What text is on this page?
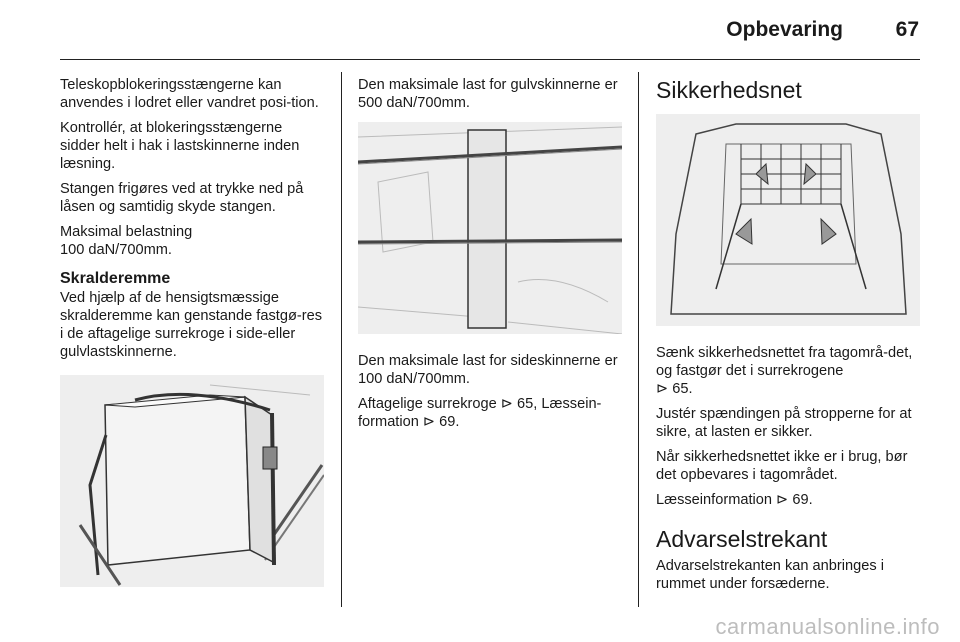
Opbevaring	67

Teleskopblokeringsstængerne kan anvendes i lodret eller vandret posi-tion.

Kontrollér, at blokeringsstængerne sidder helt i hak i lastskinnerne inden læsning.

Stangen frigøres ved at trykke ned på låsen og samtidig skyde stangen.

Maksimal belastning
100 daN/700mm.

Skralderemme

Ved hjælp af de hensigtsmæssige skralderemme kan genstande fastgø-res i de aftagelige surrekroge i side-eller gulvlastskinnerne.

Den maksimale last for gulvskinnerne er 500 daN/700mm.

Den maksimale last for sideskinnerne er 100 daN/700mm.

Aftagelige surrekroge ⊳ 65, Læssein-formation ⊳ 69.

Sikkerhedsnet

Sænk sikkerhedsnettet fra tagområ-det, og fastgør det i surrekrogene
⊳ 65.

Justér spændingen på stropperne for at sikre, at lasten er sikker.

Når sikkerhedsnettet ikke er i brug, bør det opbevares i tagområdet.

Læsseinformation ⊳ 69.

Advarselstrekant

Advarselstrekanten kan anbringes i rummet under forsæderne.

carmanualsonline.info
